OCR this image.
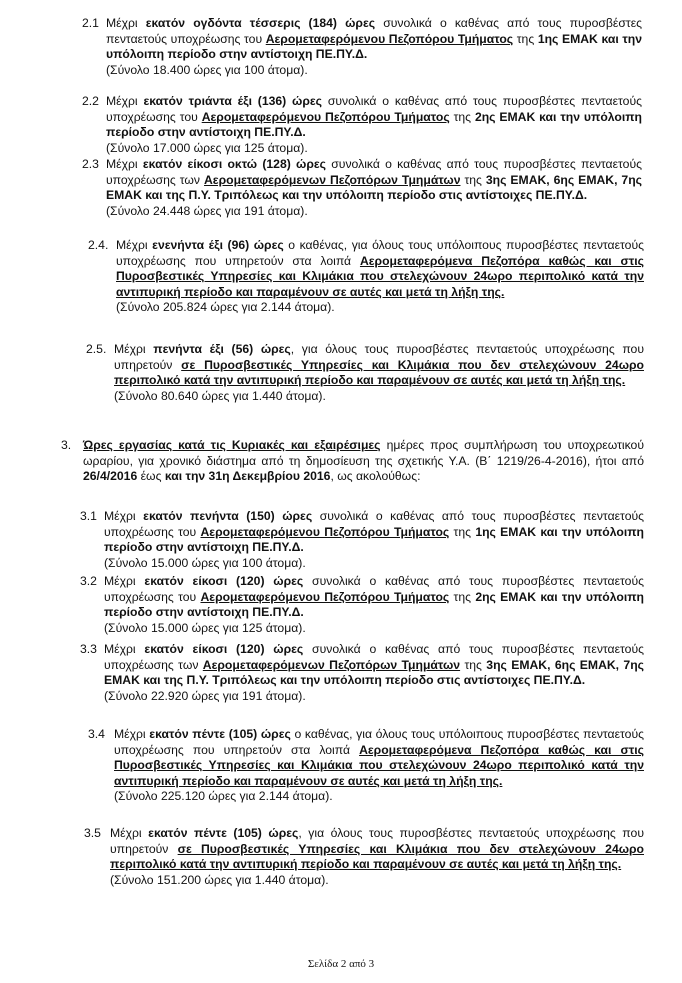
2.1 Μέχρι εκατόν ογδόντα τέσσερις (184) ώρες συνολικά ο καθένας από τους πυροσβέστες πενταετούς υποχρέωσης του Αερομεταφερόμενου Πεζοπόρου Τμήματος της 1ης ΕΜΑΚ και την υπόλοιπη περίοδο στην αντίστοιχη ΠΕ.ΠΥ.Δ.

(Σύνολο 18.400 ώρες για 100 άτομα).
2.2 Μέχρι εκατόν τριάντα έξι (136) ώρες συνολικά ο καθένας από τους πυροσβέστες πενταετούς υποχρέωσης του Αερομεταφερόμενου Πεζοπόρου Τμήματος της 2ης ΕΜΑΚ και την υπόλοιπη περίοδο στην αντίστοιχη ΠΕ.ΠΥ.Δ.

(Σύνολο 17.000 ώρες για 125 άτομα).
2.3 Μέχρι εκατόν είκοσι οκτώ (128) ώρες συνολικά ο καθένας από τους πυροσβέστες πενταετούς υποχρέωσης των Αερομεταφερόμενων Πεζοπόρων Τμημάτων της 3ης ΕΜΑΚ, 6ης ΕΜΑΚ, 7ης ΕΜΑΚ και της Π.Υ. Τριπόλεως και την υπόλοιπη περίοδο στις αντίστοιχες ΠΕ.ΠΥ.Δ.

(Σύνολο 24.448 ώρες για 191 άτομα).
2.4. Μέχρι ενενήντα έξι (96) ώρες ο καθένας, για όλους τους υπόλοιπους πυροσβέστες πενταετούς υποχρέωσης που υπηρετούν στα λοιπά Αερομεταφερόμενα Πεζοπόρα καθώς και στις Πυροσβεστικές Υπηρεσίες και Κλιμάκια που στελεχώνουν 24ωρο περιπολικό κατά την αντιπυρική περίοδο και παραμένουν σε αυτές και μετά τη λήξη της.

(Σύνολο 205.824 ώρες για 2.144 άτομα).
2.5. Μέχρι πενήντα έξι (56) ώρες, για όλους τους πυροσβέστες πενταετούς υποχρέωσης που υπηρετούν σε Πυροσβεστικές Υπηρεσίες και Κλιμάκια που δεν στελεχώνουν 24ωρο περιπολικό κατά την αντιπυρική περίοδο και παραμένουν σε αυτές και μετά τη λήξη της.

(Σύνολο 80.640 ώρες για 1.440 άτομα).
3. Ώρες εργασίας κατά τις Κυριακές και εξαιρέσιμες ημέρες προς συμπλήρωση του υποχρεωτικού ωραρίου, για χρονικό διάστημα από τη δημοσίευση της σχετικής Υ.Α. (Β΄ 1219/26-4-2016), ήτοι από 26/4/2016 έως και την 31η Δεκεμβρίου 2016, ως ακολούθως:

3.1 Μέχρι εκατόν πενήντα (150) ώρες συνολικά ο καθένας από τους πυροσβέστες πενταετούς υποχρέωσης του Αερομεταφερόμενου Πεζοπόρου Τμήματος της 1ης ΕΜΑΚ και την υπόλοιπη περίοδο στην αντίστοιχη ΠΕ.ΠΥ.Δ.

(Σύνολο 15.000 ώρες για 100 άτομα).
3.2 Μέχρι εκατόν είκοσι (120) ώρες συνολικά ο καθένας από τους πυροσβέστες πενταετούς υποχρέωσης του Αερομεταφερόμενου Πεζοπόρου Τμήματος της 2ης ΕΜΑΚ και την υπόλοιπη περίοδο στην αντίστοιχη ΠΕ.ΠΥ.Δ.

(Σύνολο 15.000 ώρες για 125 άτομα).
3.3 Μέχρι εκατόν είκοσι (120) ώρες συνολικά ο καθένας από τους πυροσβέστες πενταετούς υποχρέωσης των Αερομεταφερόμενων Πεζοπόρων Τμημάτων της 3ης ΕΜΑΚ, 6ης ΕΜΑΚ, 7ης ΕΜΑΚ και της Π.Υ. Τριπόλεως και την υπόλοιπη περίοδο στις αντίστοιχες ΠΕ.ΠΥ.Δ.

(Σύνολο 22.920 ώρες για 191 άτομα).
3.4 Μέχρι εκατόν πέντε (105) ώρες ο καθένας, για όλους τους υπόλοιπους πυροσβέστες πενταετούς υποχρέωσης που υπηρετούν στα λοιπά Αερομεταφερόμενα Πεζοπόρα καθώς και στις Πυροσβεστικές Υπηρεσίες και Κλιμάκια που στελεχώνουν 24ωρο περιπολικό κατά την αντιπυρική περίοδο και παραμένουν σε αυτές και μετά τη λήξη της.

(Σύνολο 225.120 ώρες για 2.144 άτομα).
3.5 Μέχρι εκατόν πέντε (105) ώρες, για όλους τους πυροσβέστες πενταετούς υποχρέωσης που υπηρετούν σε Πυροσβεστικές Υπηρεσίες και Κλιμάκια που δεν στελεχώνουν 24ωρο περιπολικό κατά την αντιπυρική περίοδο και παραμένουν σε αυτές και μετά τη λήξη της.

(Σύνολο 151.200 ώρες για 1.440 άτομα).
Σελίδα 2 από 3
